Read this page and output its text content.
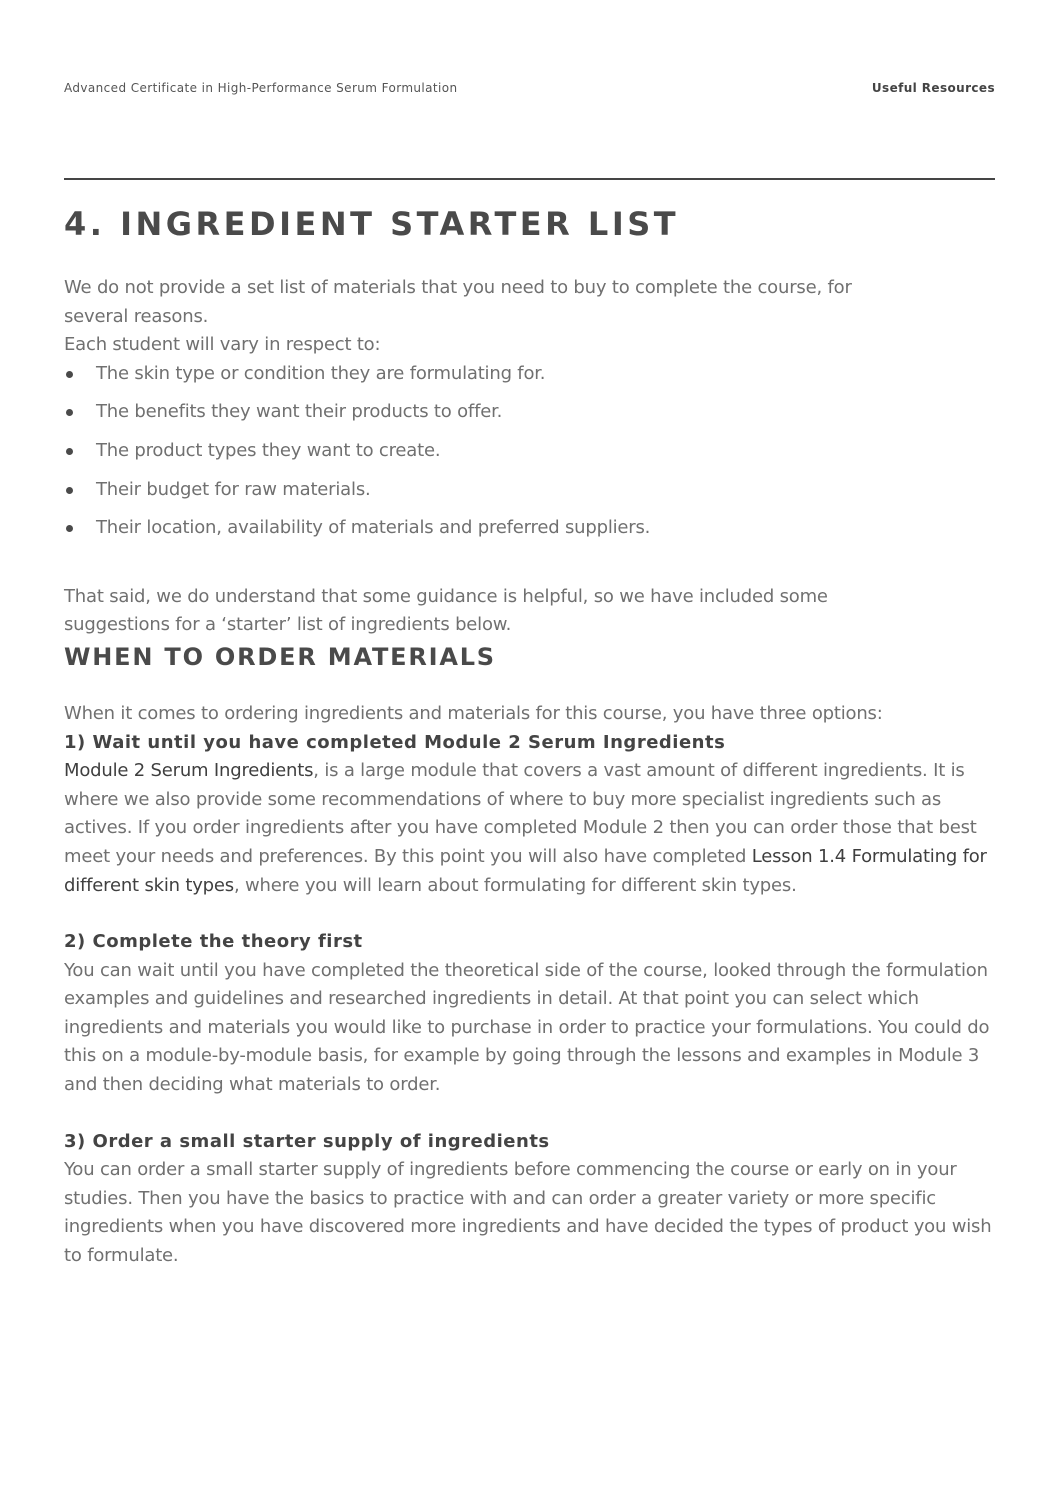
Advanced Certificate in High-Performance Serum Formulation	Useful Resources
4. INGREDIENT STARTER LIST

We do not provide a set list of materials that you need to buy to complete the course, for several reasons.

Each student will vary in respect to:

The skin type or condition they are formulating for.
The benefits they want their products to offer.
The product types they want to create.
Their budget for raw materials.
Their location, availability of materials and preferred suppliers.

That said, we do understand that some guidance is helpful, so we have included some suggestions for a ‘starter’ list of ingredients below.

WHEN TO ORDER MATERIALS

When it comes to ordering ingredients and materials for this course, you have three options:

1) Wait until you have completed Module 2 Serum Ingredients

Module 2 Serum Ingredients, is a large module that covers a vast amount of different ingredients. It is where we also provide some recommendations of where to buy more specialist ingredients such as actives. If you order ingredients after you have completed Module 2 then you can order those that best meet your needs and preferences. By this point you will also have completed Lesson 1.4 Formulating for different skin types, where you will learn about formulating for different skin types.

2) Complete the theory first

You can wait until you have completed the theoretical side of the course, looked through the formulation examples and guidelines and researched ingredients in detail. At that point you can select which ingredients and materials you would like to purchase in order to practice your formulations. You could do this on a module-by-module basis, for example by going through the lessons and examples in Module 3 and then deciding what materials to order.

3) Order a small starter supply of ingredients

You can order a small starter supply of ingredients before commencing the course or early on in your studies. Then you have the basics to practice with and can order a greater variety or more specific ingredients when you have discovered more ingredients and have decided the types of product you wish to formulate.
